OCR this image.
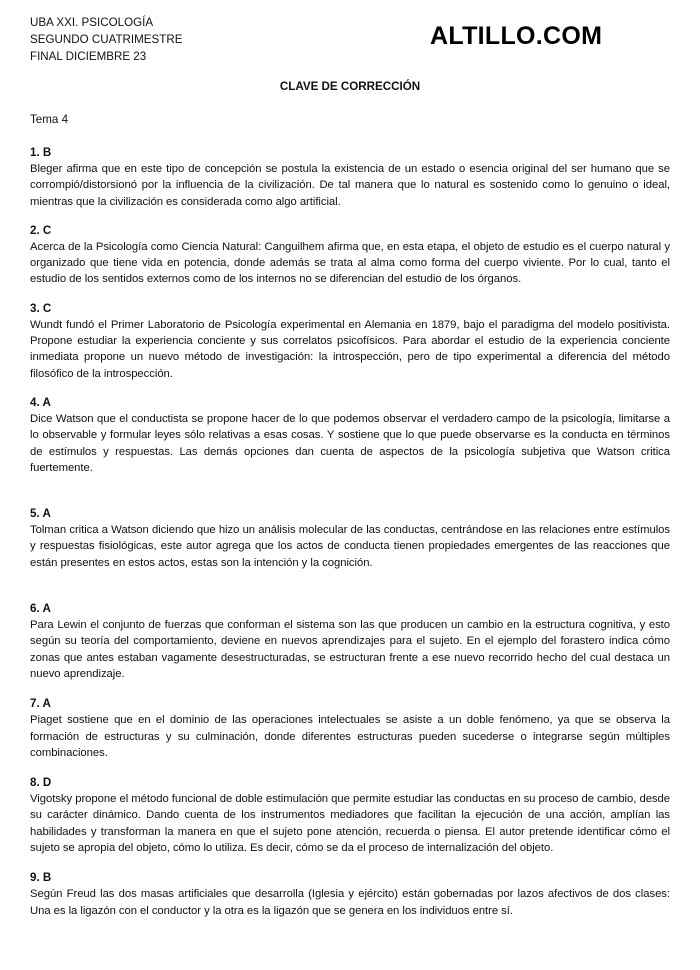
UBA XXI. PSICOLOGÍA
SEGUNDO CUATRIMESTRE
FINAL DICIEMBRE 23
ALTILLO.COM
CLAVE DE CORRECCIÓN
Tema 4
1. B
Bleger afirma que en este tipo de concepción se postula la existencia de un estado o esencia original del ser humano que se corrompió/distorsionó por la influencia de la civilización. De tal manera que lo natural es sostenido como lo genuino o ideal, mientras que la civilización es considerada como algo artificial.
2. C
Acerca de la Psicología como Ciencia Natural: Canguilhem afirma que, en esta etapa, el objeto de estudio es el cuerpo natural y organizado que tiene vida en potencia, donde además se trata al alma como forma del cuerpo viviente. Por lo cual, tanto el estudio de los sentidos externos como de los internos no se diferencian del estudio de los órganos.
3. C
Wundt fundó el Primer Laboratorio de Psicología experimental en Alemania en 1879, bajo el paradigma del modelo positivista. Propone estudiar la experiencia conciente y sus correlatos psicofísicos. Para abordar el estudio de la experiencia conciente inmediata propone un nuevo método de investigación: la introspección, pero de tipo experimental a diferencia del método filosófico de la introspección.
4. A
Dice Watson que el conductista se propone hacer de lo que podemos observar el verdadero campo de la psicología, limitarse a lo observable y formular leyes sólo relativas a esas cosas. Y sostiene que lo que puede observarse es la conducta en términos de estímulos y respuestas. Las demás opciones dan cuenta de aspectos de la psicología subjetiva que Watson critica fuertemente.
5. A
Tolman critica a Watson diciendo que hizo un análisis molecular de las conductas, centrándose en las relaciones entre estímulos y respuestas fisiológicas, este autor agrega que los actos de conducta tienen propiedades emergentes de las reacciones que están presentes en estos actos, estas son la intención y la cognición.
6. A
Para Lewin el conjunto de fuerzas que conforman el sistema son las que producen un cambio en la estructura cognitiva, y esto según su teoría del comportamiento, deviene en nuevos aprendizajes para el sujeto. En el ejemplo del forastero indica cómo zonas que antes estaban vagamente desestructuradas, se estructuran frente a ese nuevo recorrido hecho del cual destaca un nuevo aprendizaje.
7. A
Piaget sostiene que en el dominio de las operaciones intelectuales se asiste a un doble fenómeno, ya que se observa la formación de estructuras y su culminación, donde diferentes estructuras pueden sucederse o integrarse según múltiples combinaciones.
8. D
Vigotsky propone el método funcional de doble estimulación que permite estudiar las conductas en su proceso de cambio, desde su carácter dinámico. Dando cuenta de los instrumentos mediadores que facilitan la ejecución de una acción, amplían las habilidades y transforman la manera en que el sujeto pone atención, recuerda o piensa. El autor pretende identificar cómo el sujeto se apropia del objeto, cómo lo utiliza. Es decir, cómo se da el proceso de internalización del objeto.
9. B
Según Freud las dos masas artificiales que desarrolla (Iglesia y ejército) están gobernadas por lazos afectivos de dos clases: Una es la ligazón con el conductor y la otra es la ligazón que se genera en los individuos entre sí.
